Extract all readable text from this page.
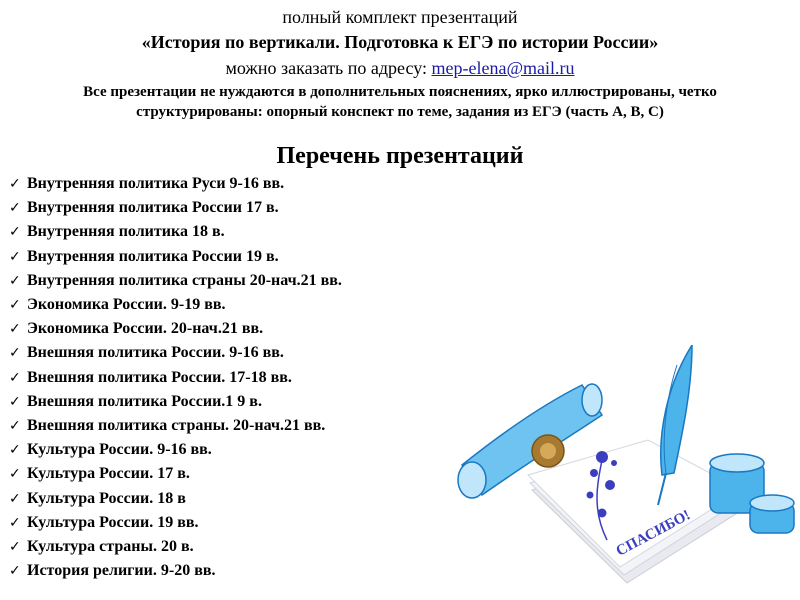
полный комплект презентаций
«История по вертикали. Подготовка к ЕГЭ по истории России»
можно заказать по адресу: mep-elena@mail.ru
Все презентации не нуждаются в дополнительных пояснениях, ярко иллюстрированы, четко структурированы: опорный конспект по теме, задания из ЕГЭ (часть А, В, С)
Перечень презентаций
✓ Внутренняя политика Руси 9-16 вв.
✓ Внутренняя политика России 17 в.
✓ Внутренняя политика 18 в.
✓ Внутренняя политика России 19 в.
✓ Внутренняя политика страны 20-нач.21 вв.
✓ Экономика России. 9-19 вв.
✓ Экономика России. 20-нач.21 вв.
✓ Внешняя политика России. 9-16 вв.
✓ Внешняя политика России. 17-18 вв.
✓ Внешняя политика России.1 9 в.
✓ Внешняя политика страны. 20-нач.21 вв.
✓ Культура России. 9-16 вв.
✓ Культура России. 17 в.
✓ Культура России. 18 в
✓ Культура России. 19 вв.
✓ Культура страны. 20 в.
✓ История религии. 9-20 вв.
СПАСИБО!
